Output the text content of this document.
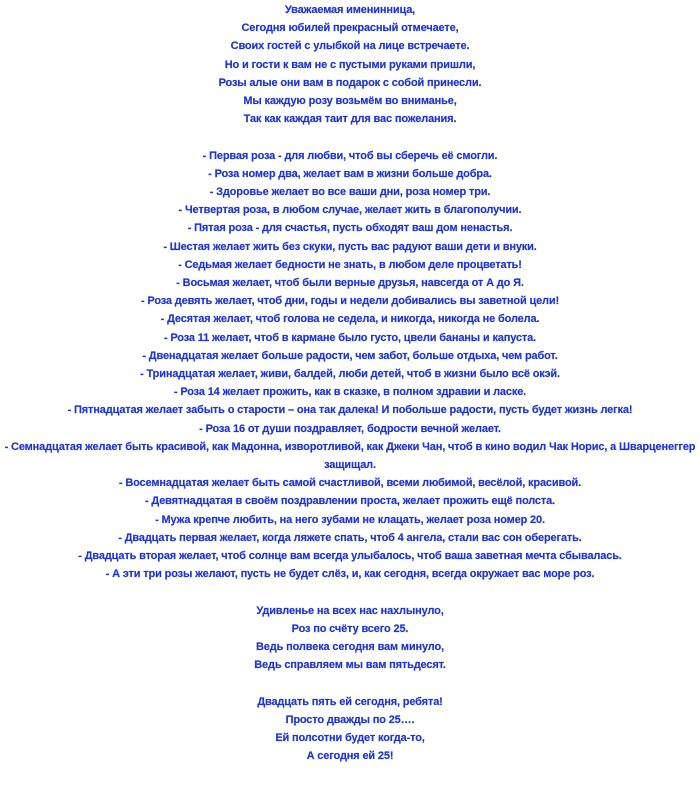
Уважаемая именинница,
Сегодня юбилей прекрасный отмечаете,
Своих гостей с улыбкой на лице встречаете.
Но и гости к вам не с пустыми руками пришли,
Розы алые они вам в подарок с собой принесли.
Мы каждую розу возьмём во вниманье,
Так как каждая таит для вас пожелания.
- Первая роза - для любви, чтоб вы сберечь её смогли.
- Роза номер два, желает вам в жизни больше добра.
- Здоровье желает во все ваши дни, роза номер три.
- Четвертая роза, в любом случае, желает жить в благополучии.
- Пятая роза - для счастья, пусть обходят ваш дом ненастья.
- Шестая желает жить без скуки, пусть вас радуют ваши дети и внуки.
- Седьмая желает бедности не знать, в любом деле процветать!
- Восьмая желает, чтоб были верные друзья, навсегда от А до Я.
- Роза девять желает, чтоб дни, годы и недели добивались вы заветной цели!
- Десятая желает, чтоб голова не седела, и никогда, никогда не болела.
- Роза 11 желает, чтоб в кармане было густо, цвели бананы и капуста.
- Двенадцатая желает больше радости, чем забот, больше отдыха, чем работ.
- Тринадцатая желает, живи, балдей, люби детей, чтоб в жизни было всё окэй.
- Роза 14 желает прожить, как в сказке, в полном здравии и ласке.
- Пятнадцатая желает забыть о старости – она так далека! И побольше радости, пусть будет жизнь легка!
- Роза 16 от души поздравляет, бодрости вечной желает.
- Семнадцатая желает быть красивой, как Мадонна, изворотливой, как Джеки Чан, чтоб в кино водил Чак Норис, а Шварценеггер защищал.
- Восемнадцатая желает быть самой счастливой, всеми любимой, весёлой, красивой.
- Девятнадцатая в своём поздравлении проста, желает прожить ещё полста.
- Мужа крепче любить, на него зубами не клацать, желает роза номер 20.
- Двадцать первая желает, когда ляжете спать, чтоб 4 ангела, стали вас сон оберегать.
- Двадцать вторая желает, чтоб солнце вам всегда улыбалось, чтоб ваша заветная мечта сбывалась.
- А эти три розы желают, пусть не будет слёз, и, как сегодня, всегда окружает вас море роз.
Удивленье на всех нас нахлынуло,
Роз по счёту всего 25.
Ведь полвека сегодня вам минуло,
Ведь справляем мы вам пятьдесят.
Двадцать пять ей сегодня, ребята!
Просто дважды по 25….
Ей полсотни будет когда-то,
А сегодня ей 25!
